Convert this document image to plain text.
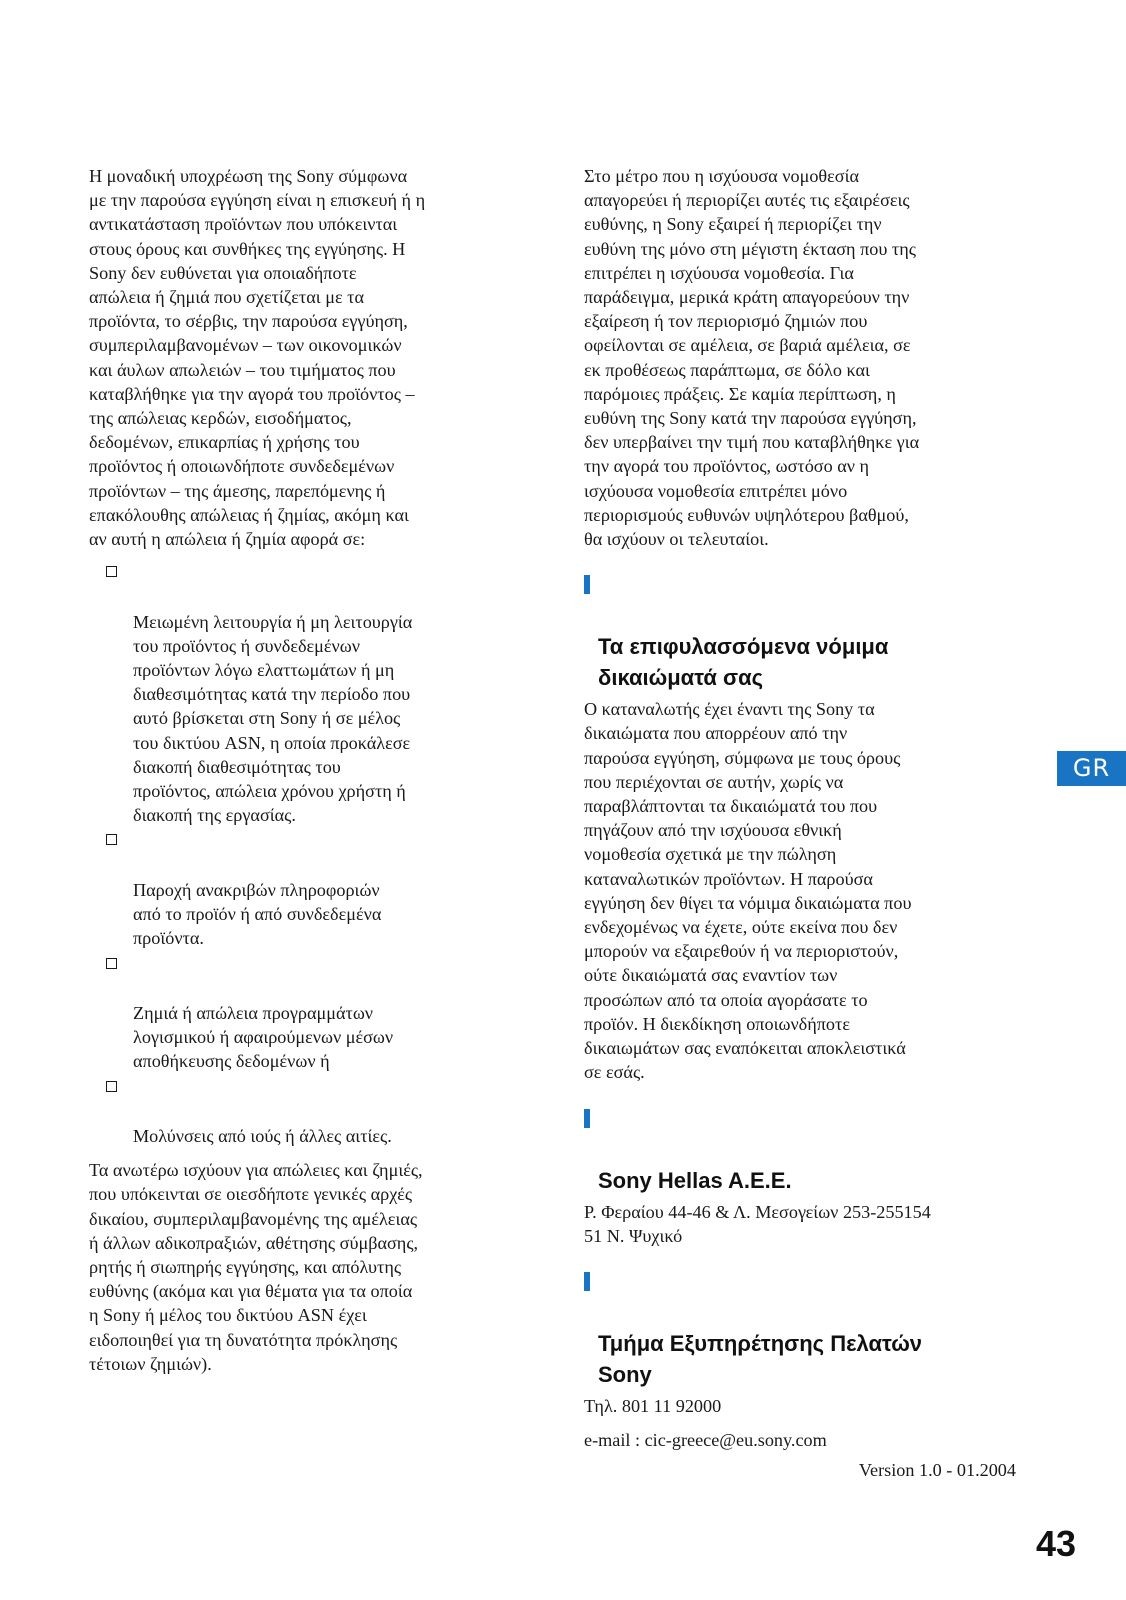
Η μοναδική υποχρέωση της Sony σύμφωνα
με την παρούσα εγγύηση είναι η επισκευή ή η
αντικατάσταση προϊόντων που υπόκεινται
στους όρους και συνθήκες της εγγύησης. Η
Sony δεν ευθύνεται για οποιαδήποτε
απώλεια ή ζημιά που σχετίζεται με τα
προϊόντα, το σέρβις, την παρούσα εγγύηση,
συμπεριλαμβανομένων – των οικονομικών
και άυλων απωλειών – του τιμήματος που
καταβλήθηκε για την αγορά του προϊόντος –
της απώλειας κερδών, εισοδήματος,
δεδομένων, επικαρπίας ή χρήσης του
προϊόντος ή οποιωνδήποτε συνδεδεμένων
προϊόντων – της άμεσης, παρεπόμενης ή
επακόλουθης απώλειας ή ζημίας, ακόμη και
αν αυτή η απώλεια ή ζημία αφορά σε:

Μειωμένη λειτουργία ή μη λειτουργία
του προϊόντος ή συνδεδεμένων
προϊόντων λόγω ελαττωμάτων ή μη
διαθεσιμότητας κατά την περίοδο που
αυτό βρίσκεται στη Sony ή σε μέλος
του δικτύου ASN, η οποία προκάλεσε
διακοπή διαθεσιμότητας του
προϊόντος, απώλεια χρόνου χρήστη ή
διακοπή της εργασίας.

Παροχή ανακριβών πληροφοριών
από το προϊόν ή από συνδεδεμένα
προϊόντα.

Ζημιά ή απώλεια προγραμμάτων
λογισμικού ή αφαιρούμενων μέσων
αποθήκευσης δεδομένων ή

Μολύνσεις από ιούς ή άλλες αιτίες.

Τα ανωτέρω ισχύουν για απώλειες και ζημιές,
που υπόκεινται σε οιεσδήποτε γενικές αρχές
δικαίου, συμπεριλαμβανομένης της αμέλειας
ή άλλων αδικοπραξιών, αθέτησης σύμβασης,
ρητής ή σιωπηρής εγγύησης, και απόλυτης
ευθύνης (ακόμα και για θέματα για τα οποία
η Sony ή μέλος του δικτύου ASN έχει
ειδοποιηθεί για τη δυνατότητα πρόκλησης
τέτοιων ζημιών).

Στο μέτρο που η ισχύουσα νομοθεσία
απαγορεύει ή περιορίζει αυτές τις εξαιρέσεις
ευθύνης, η Sony εξαιρεί ή περιορίζει την
ευθύνη της μόνο στη μέγιστη έκταση που της
επιτρέπει η ισχύουσα νομοθεσία. Για
παράδειγμα, μερικά κράτη απαγορεύουν την
εξαίρεση ή τον περιορισμό ζημιών που
οφείλονται σε αμέλεια, σε βαριά αμέλεια, σε
εκ προθέσεως παράπτωμα, σε δόλο και
παρόμοιες πράξεις. Σε καμία περίπτωση, η
ευθύνη της Sony κατά την παρούσα εγγύηση,
δεν υπερβαίνει την τιμή που καταβλήθηκε για
την αγορά του προϊόντος, ωστόσο αν η
ισχύουσα νομοθεσία επιτρέπει μόνο
περιορισμούς ευθυνών υψηλότερου βαθμού,
θα ισχύουν οι τελευταίοι.

Τα επιφυλασσόμενα νόμιμα
δικαιώματά σας

Ο καταναλωτής έχει έναντι της Sony τα
δικαιώματα που απορρέουν από την
παρούσα εγγύηση, σύμφωνα με τους όρους
που περιέχονται σε αυτήν, χωρίς να
παραβλάπτονται τα δικαιώματά του που
πηγάζουν από την ισχύουσα εθνική
νομοθεσία σχετικά με την πώληση
καταναλωτικών προϊόντων. Η παρούσα
εγγύηση δεν θίγει τα νόμιμα δικαιώματα που
ενδεχομένως να έχετε, ούτε εκείνα που δεν
μπορούν να εξαιρεθούν ή να περιοριστούν,
ούτε δικαιώματά σας εναντίον των
προσώπων από τα οποία αγοράσατε το
προϊόν. Η διεκδίκηση οποιωνδήποτε
δικαιωμάτων σας εναπόκειται αποκλειστικά
σε εσάς.

Sony Hellas A.E.E.

Ρ. Φεραίου 44-46 & Λ. Μεσογείων 253-255154
51 Ν. Ψυχικό

Τμήμα Εξυπηρέτησης Πελατών
Sony

Τηλ. 801 11 92000

e-mail : cic-greece@eu.sony.com

Version 1.0 - 01.2004

GR
43
